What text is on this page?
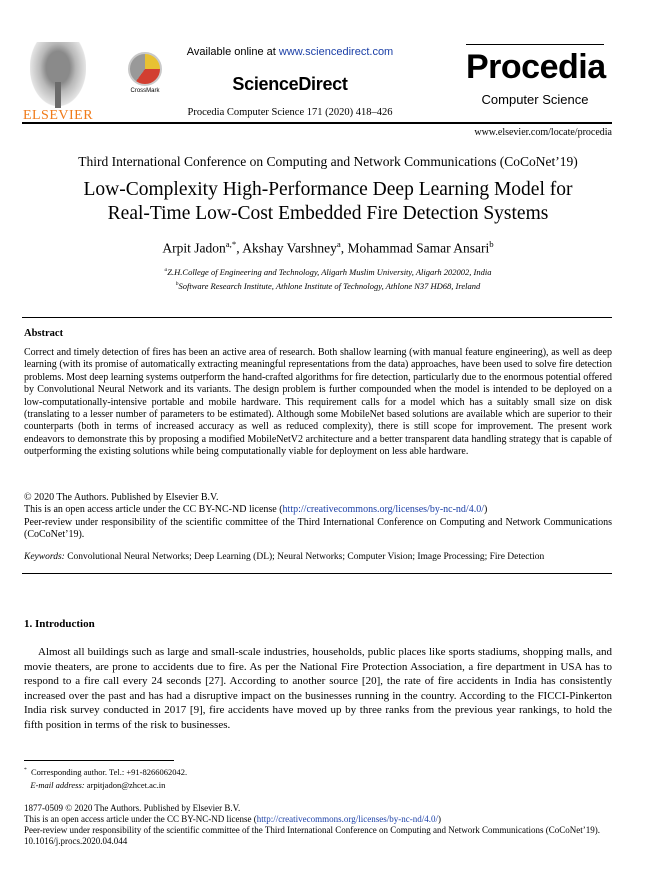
ELSEVIER
CrossMark
Available online at www.sciencedirect.com
ScienceDirect
Procedia Computer Science 171 (2020) 418–426
Procedia
Computer Science
www.elsevier.com/locate/procedia
Third International Conference on Computing and Network Communications (CoCoNet’19)
Low-Complexity High-Performance Deep Learning Model for
Real-Time Low-Cost Embedded Fire Detection Systems
Arpit Jadon$^{a,*}$, Akshay Varshney$^a$, Mohammad Samar Ansari$^b$
$^a$Z.H.College of Engineering and Technology, Aligarh Muslim University, Aligarh 202002, India
$^b$Software Research Institute, Athlone Institute of Technology, Athlone N37 HD68, Ireland
Abstract
Correct and timely detection of fires has been an active area of research. Both shallow learning (with manual feature engineering), as well as deep learning (with its promise of automatically extracting meaningful representations from the data) approaches, have been used to solve fire detection problems. Most deep learning systems outperform the hand-crafted algorithms for fire detection, particularly due to the enormous potential offered by Convolutional Neural Network and its variants. The design problem is further compounded when the model is intended to be deployed on a low-computationally-intensive portable and mobile hardware. This requirement calls for a model which has a suitably small size on disk (translating to a lesser number of parameters to be estimated). Although some MobileNet based solutions are available which are superior to their counterparts (both in terms of increased accuracy as well as reduced complexity), there is still scope for improvement. The present work endeavors to demonstrate this by proposing a modified MobileNetV2 architecture and a better transparent data handling strategy that is capable of outperforming the existing solutions while being computationally viable for deployment on less able hardware.
© 2020 The Authors. Published by Elsevier B.V.
This is an open access article under the CC BY-NC-ND license (http://creativecommons.org/licenses/by-nc-nd/4.0/)
Peer-review under responsibility of the scientific committee of the Third International Conference on Computing and Network Communications (CoCoNet’19).
Keywords: Convolutional Neural Networks; Deep Learning (DL); Neural Networks; Computer Vision; Image Processing; Fire Detection
1. Introduction
Almost all buildings such as large and small-scale industries, households, public places like sports stadiums, shopping malls, and movie theaters, are prone to accidents due to fire. As per the National Fire Protection Association, a fire department in USA has to respond to a fire call every 24 seconds [27]. According to another source [20], the rate of fire accidents in India has consistently increased over the past and has had a disruptive impact on the businesses running in the country. According to the FICCI-Pinkerton India risk survey conducted in 2017 [9], fire accidents have moved up by three ranks from the previous year rankings, to hold the fifth position in terms of the risk to businesses.
* Corresponding author. Tel.: +91-8266062042.
E-mail address: arpitjadon@zhcet.ac.in
1877-0509 © 2020 The Authors. Published by Elsevier B.V.
This is an open access article under the CC BY-NC-ND license (http://creativecommons.org/licenses/by-nc-nd/4.0/)
Peer-review under responsibility of the scientific committee of the Third International Conference on Computing and Network Communications (CoCoNet’19).
10.1016/j.procs.2020.04.044
